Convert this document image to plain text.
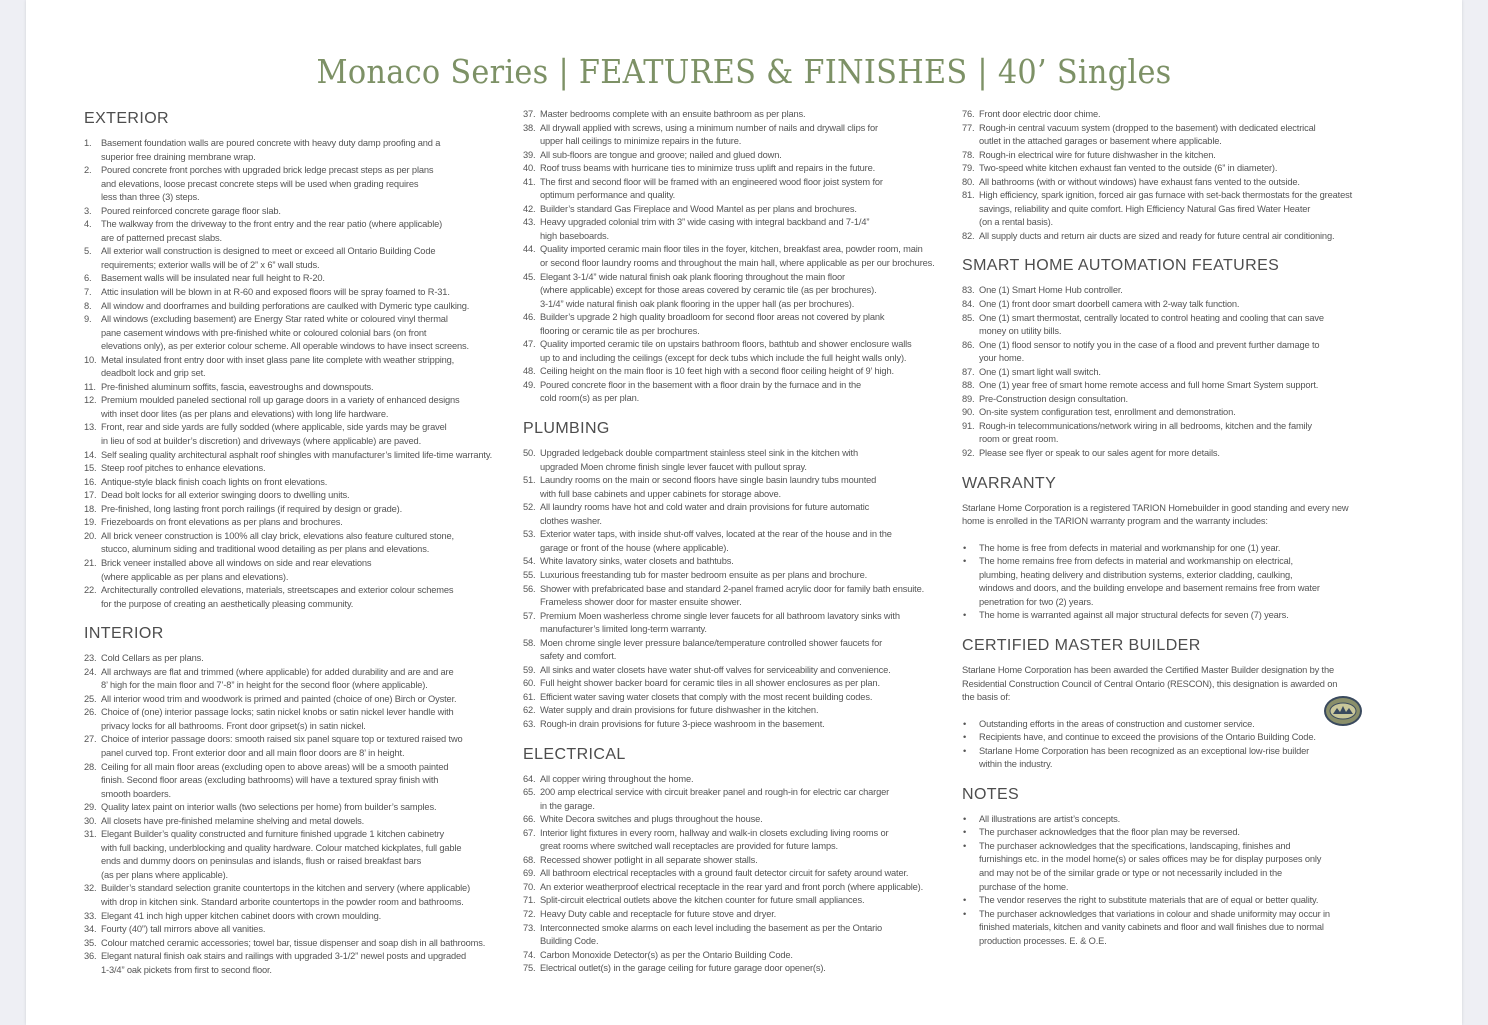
Monaco Series | FEATURES & FINISHES | 40’ Singles
EXTERIOR
1.	Basement foundation walls are poured concrete with heavy duty damp proofing and a
superior free draining membrane wrap.
2.	Poured concrete front porches with upgraded brick ledge precast steps as per plans
and elevations, loose precast concrete steps will be used when grading requires
less than three (3) steps.
3.	Poured reinforced concrete garage floor slab.
4.	The walkway from the driveway to the front entry and the rear patio (where applicable)
are of patterned precast slabs.
5.	All exterior wall construction is designed to meet or exceed all Ontario Building Code
requirements; exterior walls will be of 2” x 6” wall studs.
6.	Basement walls will be insulated near full height to R-20.
7.	Attic insulation will be blown in at R-60 and exposed floors will be spray foamed to R-31.
8.	All window and doorframes and building perforations are caulked with Dymeric type caulking.
9.	All windows (excluding basement) are Energy Star rated white or coloured vinyl thermal
pane casement windows with pre-finished white or coloured colonial bars (on front
elevations only), as per exterior colour scheme. All operable windows to have insect screens.
10. Metal insulated front entry door with inset glass pane lite complete with weather stripping,
deadbolt lock and grip set.
11. Pre-finished aluminum soffits, fascia, eavestroughs and downspouts.
12. Premium moulded paneled sectional roll up garage doors in a variety of enhanced designs
with inset door lites (as per plans and elevations) with long life hardware.
13. Front, rear and side yards are fully sodded (where applicable, side yards may be gravel
in lieu of sod at builder’s discretion) and driveways (where applicable) are paved.
14. Self sealing quality architectural asphalt roof shingles with manufacturer’s limited life-time warranty.
15. Steep roof pitches to enhance elevations.
16. Antique-style black finish coach lights on front elevations.
17. Dead bolt locks for all exterior swinging doors to dwelling units.
18. Pre-finished, long lasting front porch railings (if required by design or grade).
19. Friezeboards on front elevations as per plans and brochures.
20. All brick veneer construction is 100% all clay brick, elevations also feature cultured stone,
stucco, aluminum siding and traditional wood detailing as per plans and elevations.
21. Brick veneer installed above all windows on side and rear elevations
(where applicable as per plans and elevations).
22. Architecturally controlled elevations, materials, streetscapes and exterior colour schemes
for the purpose of creating an aesthetically pleasing community.
INTERIOR
23. Cold Cellars as per plans.
24. All archways are flat and trimmed (where applicable) for added durability and are and are
8’ high for the main floor and 7’-8” in height for the second floor (where applicable).
25. All interior wood trim and woodwork is primed and painted (choice of one) Birch or Oyster.
26. Choice of (one) interior passage locks; satin nickel knobs or satin nickel lever handle with
privacy locks for all bathrooms. Front door gripset(s) in satin nickel.
27. Choice of interior passage doors: smooth raised six panel square top or textured raised two
panel curved top. Front exterior door and all main floor doors are 8’ in height.
28. Ceiling for all main floor areas (excluding open to above areas) will be a smooth painted
finish. Second floor areas (excluding bathrooms) will have a textured spray finish with
smooth boarders.
29. Quality latex paint on interior walls (two selections per home) from builder’s samples.
30. All closets have pre-finished melamine shelving and metal dowels.
31. Elegant Builder’s quality constructed and furniture finished upgrade 1 kitchen cabinetry
with full backing, underblocking and quality hardware. Colour matched kickplates, full gable
ends and dummy doors on peninsulas and islands, flush or raised breakfast bars
(as per plans where applicable).
32. Builder’s standard selection granite countertops in the kitchen and servery (where applicable)
with drop in kitchen sink. Standard arborite countertops in the powder room and bathrooms.
33. Elegant 41 inch high upper kitchen cabinet doors with crown moulding.
34. Fourty (40”) tall mirrors above all vanities.
35. Colour matched ceramic accessories; towel bar, tissue dispenser and soap dish in all bathrooms.
36. Elegant natural finish oak stairs and railings with upgraded 3-1/2” newel posts and upgraded
1-3/4” oak pickets from first to second floor.
37. Master bedrooms complete with an ensuite bathroom as per plans.
38. All drywall applied with screws, using a minimum number of nails and drywall clips for
upper hall ceilings to minimize repairs in the future.
39. All sub-floors are tongue and groove; nailed and glued down.
40. Roof truss beams with hurricane ties to minimize truss uplift and repairs in the future.
41. The first and second floor will be framed with an engineered wood floor joist system for
optimum performance and quality.
42. Builder’s standard Gas Fireplace and Wood Mantel as per plans and brochures.
43. Heavy upgraded colonial trim with 3” wide casing with integral backband and 7-1/4”
high baseboards.
44. Quality imported ceramic main floor tiles in the foyer, kitchen, breakfast area, powder room, main
or second floor laundry rooms and throughout the main hall, where applicable as per our brochures.
45. Elegant 3-1/4” wide natural finish oak plank flooring throughout the main floor
(where applicable) except for those areas covered by ceramic tile (as per brochures).
3-1/4” wide natural finish oak plank flooring in the upper hall (as per brochures).
46. Builder’s upgrade 2 high quality broadloom for second floor areas not covered by plank
flooring or ceramic tile as per brochures.
47. Quality imported ceramic tile on upstairs bathroom floors, bathtub and shower enclosure walls
up to and including the ceilings (except for deck tubs which include the full height walls only).
48. Ceiling height on the main floor is 10 feet high with a second floor ceiling height of 9’ high.
49. Poured concrete floor in the basement with a floor drain by the furnace and in the
cold room(s) as per plan.
PLUMBING
50. Upgraded ledgeback double compartment stainless steel sink in the kitchen with
upgraded Moen chrome finish single lever faucet with pullout spray.
51. Laundry rooms on the main or second floors have single basin laundry tubs mounted
with full base cabinets and upper cabinets for storage above.
52. All laundry rooms have hot and cold water and drain provisions for future automatic
clothes washer.
53. Exterior water taps, with inside shut-off valves, located at the rear of the house and in the
garage or front of the house (where applicable).
54. White lavatory sinks, water closets and bathtubs.
55. Luxurious freestanding tub for master bedroom ensuite as per plans and brochure.
56. Shower with prefabricated base and standard 2-panel framed acrylic door for family bath ensuite.
Frameless shower door for master ensuite shower.
57. Premium Moen washerless chrome single lever faucets for all bathroom lavatory sinks with
manufacturer’s limited long-term warranty.
58. Moen chrome single lever pressure balance/temperature controlled shower faucets for
safety and comfort.
59. All sinks and water closets have water shut-off valves for serviceability and convenience.
60. Full height shower backer board for ceramic tiles in all shower enclosures as per plan.
61. Efficient water saving water closets that comply with the most recent building codes.
62. Water supply and drain provisions for future dishwasher in the kitchen.
63. Rough-in drain provisions for future 3-piece washroom in the basement.
ELECTRICAL
64. All copper wiring throughout the home.
65. 200 amp electrical service with circuit breaker panel and rough-in for electric car charger
in the garage.
66. White Decora switches and plugs throughout the house.
67. Interior light fixtures in every room, hallway and walk-in closets excluding living rooms or
great rooms where switched wall receptacles are provided for future lamps.
68. Recessed shower potlight in all separate shower stalls.
69. All bathroom electrical receptacles with a ground fault detector circuit for safety around water.
70. An exterior weatherproof electrical receptacle in the rear yard and front porch (where applicable).
71. Split-circuit electrical outlets above the kitchen counter for future small appliances.
72. Heavy Duty cable and receptacle for future stove and dryer.
73. Interconnected smoke alarms on each level including the basement as per the Ontario
Building Code.
74. Carbon Monoxide Detector(s) as per the Ontario Building Code.
75. Electrical outlet(s) in the garage ceiling for future garage door opener(s).
76. Front door electric door chime.
77. Rough-in central vacuum system (dropped to the basement) with dedicated electrical
outlet in the attached garages or basement where applicable.
78. Rough-in electrical wire for future dishwasher in the kitchen.
79. Two-speed white kitchen exhaust fan vented to the outside (6” in diameter).
80. All bathrooms (with or without windows) have exhaust fans vented to the outside.
81. High efficiency, spark ignition, forced air gas furnace with set-back thermostats for the greatest
savings, reliability and quite comfort. High Efficiency Natural Gas fired Water Heater
(on a rental basis).
82. All supply ducts and return air ducts are sized and ready for future central air conditioning.
SMART HOME AUTOMATION FEATURES
83. One (1) Smart Home Hub controller.
84. One (1) front door smart doorbell camera with 2-way talk function.
85. One (1) smart thermostat, centrally located to control heating and cooling that can save
money on utility bills.
86. One (1) flood sensor to notify you in the case of a flood and prevent further damage to
your home.
87. One (1) smart light wall switch.
88. One (1) year free of smart home remote access and full home Smart System support.
89. Pre-Construction design consultation.
90. On-site system configuration test, enrollment and demonstration.
91. Rough-in telecommunications/network wiring in all bedrooms, kitchen and the family
room or great room.
92. Please see flyer or speak to our sales agent for more details.
WARRANTY
Starlane Home Corporation is a registered TARION Homebuilder in good standing and every new
home is enrolled in the TARION warranty program and the warranty includes:
•	The home is free from defects in material and workmanship for one (1) year.
•	The home remains free from defects in material and workmanship on electrical,
plumbing, heating delivery and distribution systems, exterior cladding, caulking,
windows and doors, and the building envelope and basement remains free from water
penetration for two (2) years.
•	The home is warranted against all major structural defects for seven (7) years.
CERTIFIED MASTER BUILDER
Starlane Home Corporation has been awarded the Certified Master Builder designation by the
Residential Construction Council of Central Ontario (RESCON), this designation is awarded on
the basis of:
•	Outstanding efforts in the areas of construction and customer service.
•	Recipients have, and continue to exceed the provisions of the Ontario Building Code.
•	Starlane Home Corporation has been recognized as an exceptional low-rise builder
within the industry.
NOTES
•	All illustrations are artist’s concepts.
•	The purchaser acknowledges that the floor plan may be reversed.
•	The purchaser acknowledges that the specifications, landscaping, finishes and
furnishings etc. in the model home(s) or sales offices may be for display purposes only
and may not be of the similar grade or type or not necessarily included in the
purchase of the home.
•	The vendor reserves the right to substitute materials that are of equal or better quality.
•	The purchaser acknowledges that variations in colour and shade uniformity may occur in
finished materials, kitchen and vanity cabinets and floor and wall finishes due to normal
production processes. E. & O.E.
